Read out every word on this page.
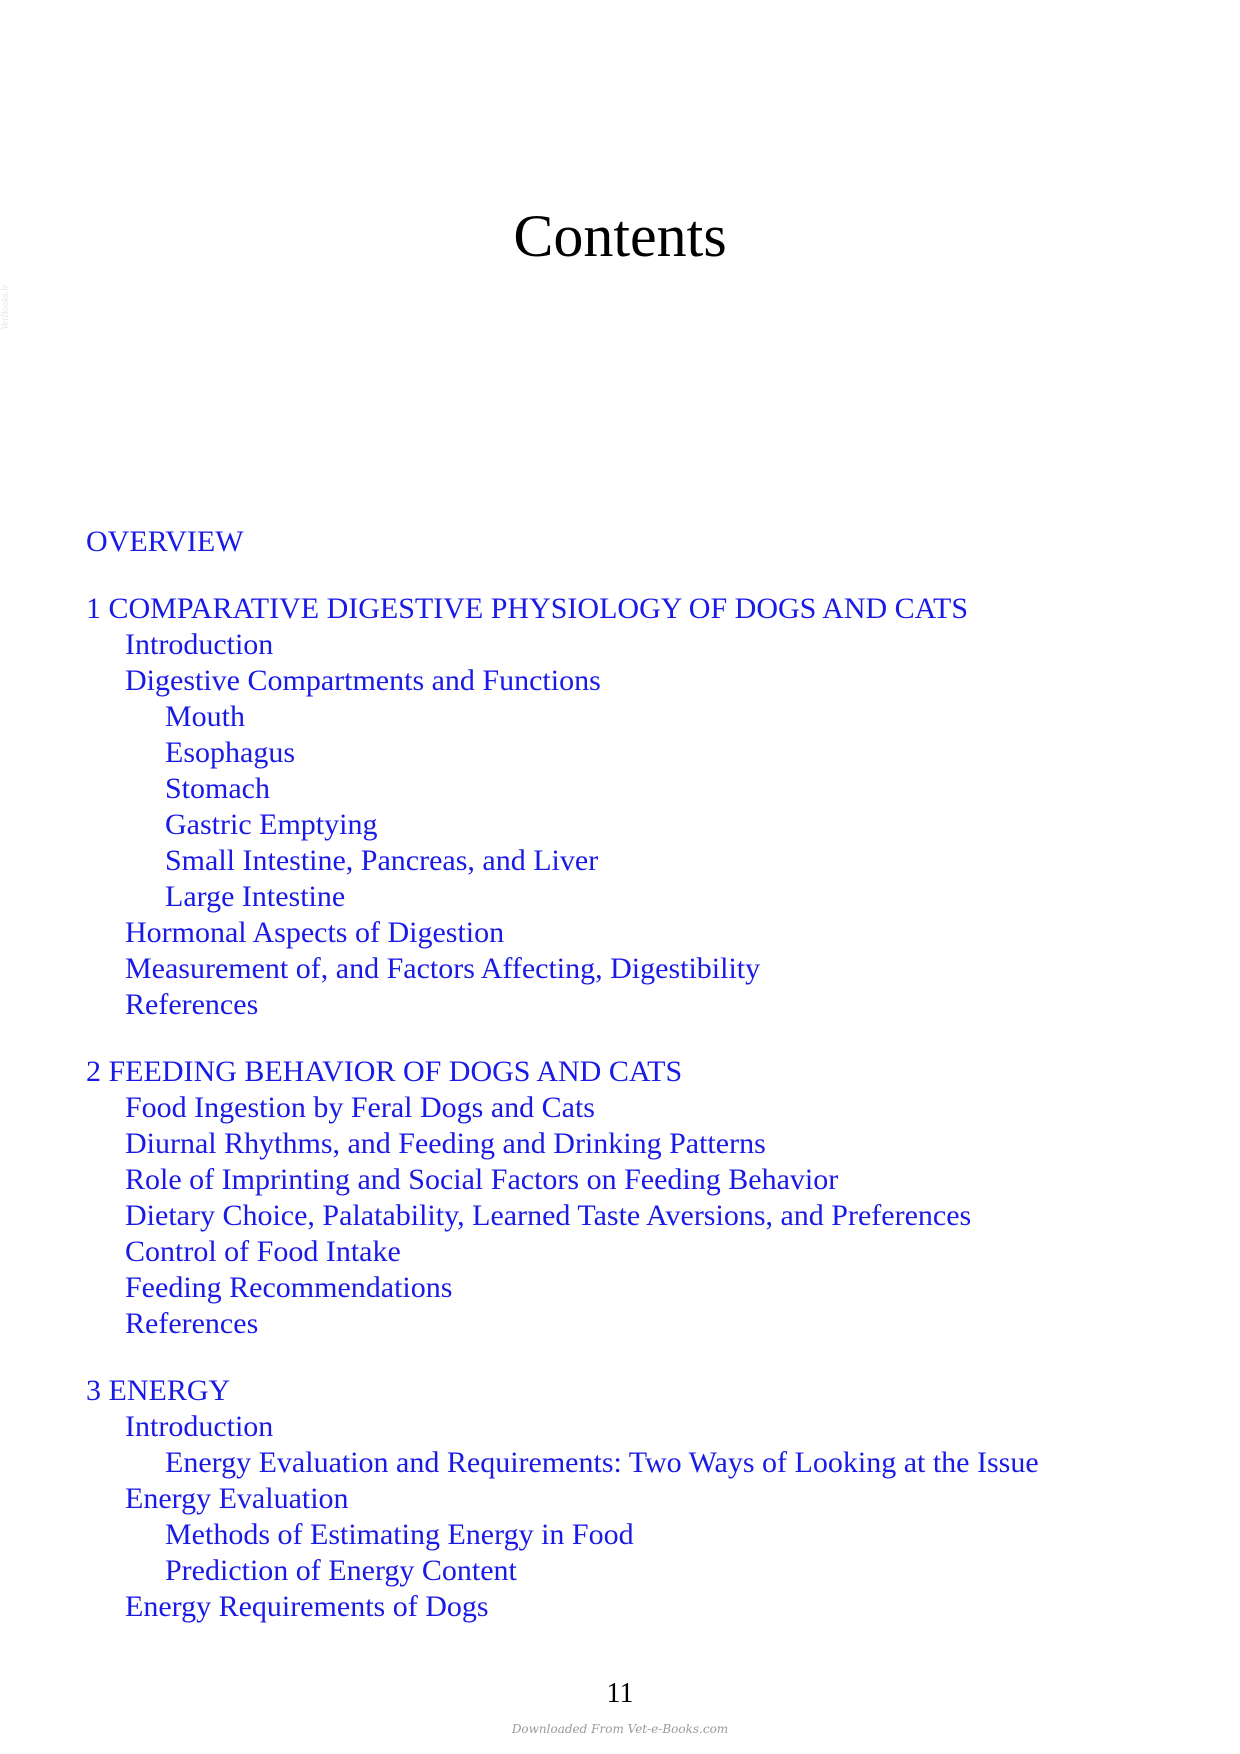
VetBooks.ir
Contents
OVERVIEW
1 COMPARATIVE DIGESTIVE PHYSIOLOGY OF DOGS AND CATS
Introduction
Digestive Compartments and Functions
Mouth
Esophagus
Stomach
Gastric Emptying
Small Intestine, Pancreas, and Liver
Large Intestine
Hormonal Aspects of Digestion
Measurement of, and Factors Affecting, Digestibility
References
2 FEEDING BEHAVIOR OF DOGS AND CATS
Food Ingestion by Feral Dogs and Cats
Diurnal Rhythms, and Feeding and Drinking Patterns
Role of Imprinting and Social Factors on Feeding Behavior
Dietary Choice, Palatability, Learned Taste Aversions, and Preferences
Control of Food Intake
Feeding Recommendations
References
3 ENERGY
Introduction
Energy Evaluation and Requirements: Two Ways of Looking at the Issue
Energy Evaluation
Methods of Estimating Energy in Food
Prediction of Energy Content
Energy Requirements of Dogs
11
Downloaded From Vet-e-Books.com
